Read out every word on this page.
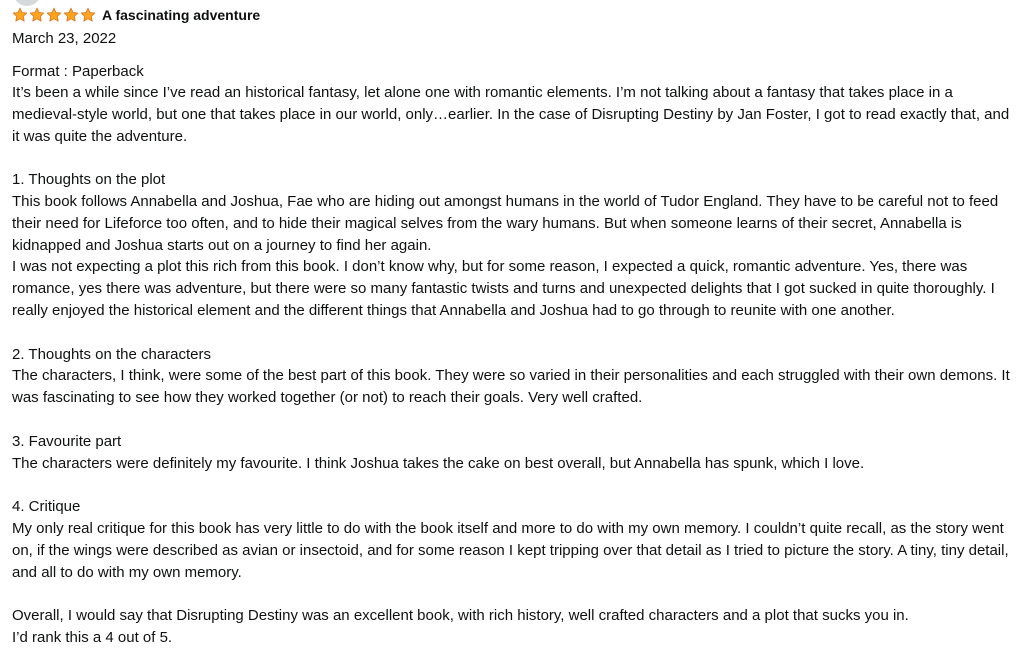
A fascinating adventure
March 23, 2022
Format : Paperback

It’s been a while since I’ve read an historical fantasy, let alone one with romantic elements. I’m not talking about a fantasy that takes place in a medieval-style world, but one that takes place in our world, only…earlier. In the case of Disrupting Destiny by Jan Foster, I got to read exactly that, and it was quite the adventure.

1. Thoughts on the plot

This book follows Annabella and Joshua, Fae who are hiding out amongst humans in the world of Tudor England. They have to be careful not to feed their need for Lifeforce too often, and to hide their magical selves from the wary humans. But when someone learns of their secret, Annabella is kidnapped and Joshua starts out on a journey to find her again.

I was not expecting a plot this rich from this book. I don’t know why, but for some reason, I expected a quick, romantic adventure. Yes, there was romance, yes there was adventure, but there were so many fantastic twists and turns and unexpected delights that I got sucked in quite thoroughly. I really enjoyed the historical element and the different things that Annabella and Joshua had to go through to reunite with one another.

2. Thoughts on the characters

The characters, I think, were some of the best part of this book. They were so varied in their personalities and each struggled with their own demons. It was fascinating to see how they worked together (or not) to reach their goals. Very well crafted.

3. Favourite part

The characters were definitely my favourite. I think Joshua takes the cake on best overall, but Annabella has spunk, which I love.

4. Critique

My only real critique for this book has very little to do with the book itself and more to do with my own memory. I couldn’t quite recall, as the story went on, if the wings were described as avian or insectoid, and for some reason I kept tripping over that detail as I tried to picture the story. A tiny, tiny detail, and all to do with my own memory.

Overall, I would say that Disrupting Destiny was an excellent book, with rich history, well crafted characters and a plot that sucks you in.

I’d rank this a 4 out of 5.
